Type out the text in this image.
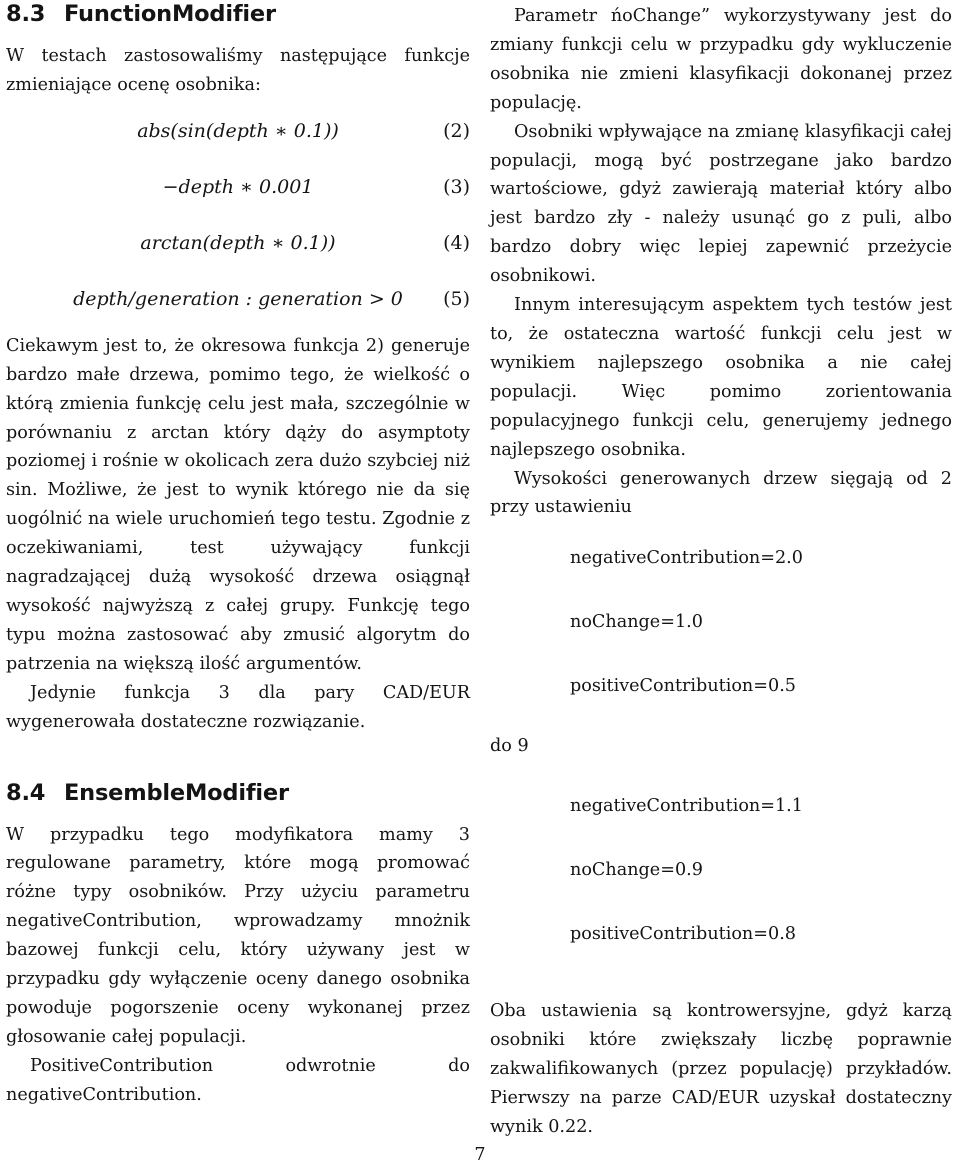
8.3 FunctionModifier

W testach zastosowaliśmy następujące funkcje zmieniające ocenę osobnika:

abs(sin(depth ∗ 0.1))	(2)
−depth ∗ 0.001	(3)
arctan(depth ∗ 0.1))	(4)
depth/generation : generation > 0	(5)

Ciekawym jest to, że okresowa funkcja 2) generuje bardzo małe drzewa, pomimo tego, że wielkość o którą zmienia funkcję celu jest mała, szczególnie w porównaniu z arctan który dąży do asymptoty poziomej i rośnie w okolicach zera dużo szybciej niż sin. Możliwe, że jest to wynik którego nie da się uogólnić na wiele uruchomień tego testu. Zgodnie z oczekiwaniami, test używający funkcji nagradzającej dużą wysokość drzewa osiągnął wysokość najwyższą z całej grupy. Funkcję tego typu można zastosować aby zmusić algorytm do patrzenia na większą ilość argumentów.

Jedynie funkcja 3 dla pary CAD/EUR wygenerowała dostateczne rozwiązanie.

8.4 EnsembleModifier

W przypadku tego modyfikatora mamy 3 regulowane parametry, które mogą promować różne typy osobników. Przy użyciu parametru negativeContribution, wprowadzamy mnożnik bazowej funkcji celu, który używany jest w przypadku gdy wyłączenie oceny danego osobnika powoduje pogorszenie oceny wykonanej przez głosowanie całej populacji.

PositiveContribution odwrotnie do negativeContribution.

Parametr ńoChange” wykorzystywany jest do zmiany funkcji celu w przypadku gdy wykluczenie osobnika nie zmieni klasyfikacji dokonanej przez populację.

Osobniki wpływające na zmianę klasyfikacji całej populacji, mogą być postrzegane jako bardzo wartościowe, gdyż zawierają materiał który albo jest bardzo zły - należy usunąć go z puli, albo bardzo dobry więc lepiej zapewnić przeżycie osobnikowi.

Innym interesującym aspektem tych testów jest to, że ostateczna wartość funkcji celu jest w wynikiem najlepszego osobnika a nie całej populacji. Więc pomimo zorientowania populacyjnego funkcji celu, generujemy jednego najlepszego osobnika.

Wysokości generowanych drzew sięgają od 2 przy ustawieniu

negativeContribution=2.0
noChange=1.0
positiveContribution=0.5
do 9
negativeContribution=1.1
noChange=0.9
positiveContribution=0.8

Oba ustawienia są kontrowersyjne, gdyż karzą osobniki które zwiększały liczbę poprawnie zakwalifikowanych (przez populację) przykładów. Pierwszy na parze CAD/EUR uzyskał dostateczny wynik 0.22.

7
